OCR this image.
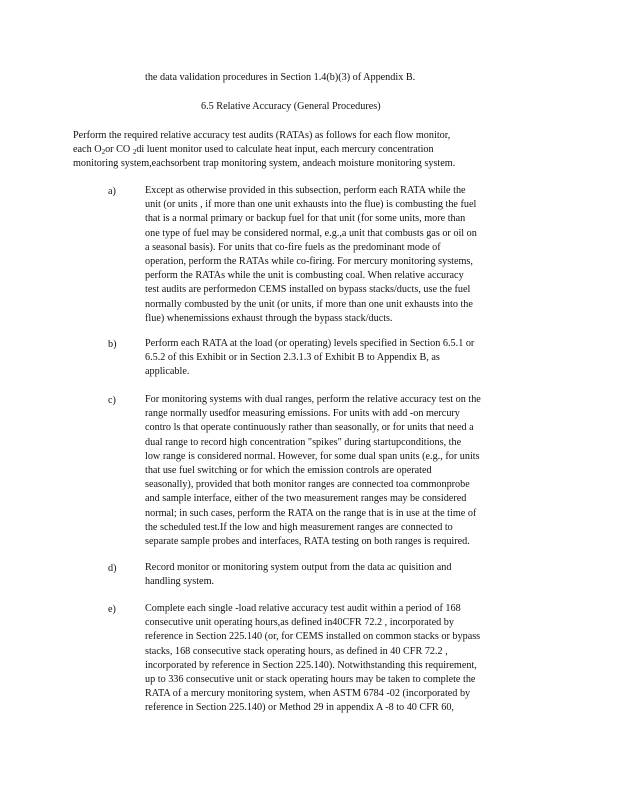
the data validation procedures in Section 1.4(b)(3) of Appendix B.
6.5 Relative Accuracy (General Procedures)
Perform the required relative accuracy test audits (RATAs) as follows for each flow monitor,
each O2or CO 2di luent monitor used to calculate heat input, each mercury concentration
monitoring system,eachsorbent trap monitoring system, andeach moisture monitoring system.
a)	Except as otherwise provided in this subsection, perform each RATA while the
unit (or units , if more than one unit exhausts into the flue) is combusting the fuel
that is a normal primary or backup fuel for that unit (for some units, more than
one type of fuel may be considered normal, e.g.,a unit that combusts gas or oil on
a seasonal basis). For units that co-fire fuels as the predominant mode of
operation, perform the RATAs while co-firing. For mercury monitoring systems,
perform the RATAs while the unit is combusting coal. When relative accuracy
test audits are performedon CEMS installed on bypass stacks/ducts, use the fuel
normally combusted by the unit (or units, if more than one unit exhausts into the
flue) whenemissions exhaust through the bypass stack/ducts.
b)	Perform each RATA at the load (or operating) levels specified in Section 6.5.1 or
6.5.2 of this Exhibit or in Section 2.3.1.3 of Exhibit B to Appendix B, as
applicable.
c)	For monitoring systems with dual ranges, perform the relative accuracy test on the
range normally usedfor measuring emissions. For units with add -on mercury
contro ls that operate continuously rather than seasonally, or for units that need a
dual range to record high concentration "spikes" during startupconditions, the
low range is considered normal. However, for some dual span units (e.g., for units
that use fuel switching or for which the emission controls are operated
seasonally), provided that both monitor ranges are connected toa commonprobe
and sample interface, either of the two measurement ranges may be considered
normal; in such cases, perform the RATA on the range that is in use at the time of
the scheduled test.If the low and high measurement ranges are connected to
separate sample probes and interfaces, RATA testing on both ranges is required.
d)	Record monitor or monitoring system output from the data ac quisition and
handling system.
e)	Complete each single -load relative accuracy test audit within a period of 168
consecutive unit operating hours,as defined in40CFR 72.2 , incorporated by
reference in Section 225.140 (or, for CEMS installed on common stacks or bypass
stacks, 168 consecutive stack operating hours, as defined in 40 CFR 72.2 ,
incorporated by reference in Section 225.140). Notwithstanding this requirement,
up to 336 consecutive unit or stack operating hours may be taken to complete the
RATA of a mercury monitoring system, when ASTM 6784 -02 (incorporated by
reference in Section 225.140) or Method 29 in appendix A -8 to 40 CFR 60,
